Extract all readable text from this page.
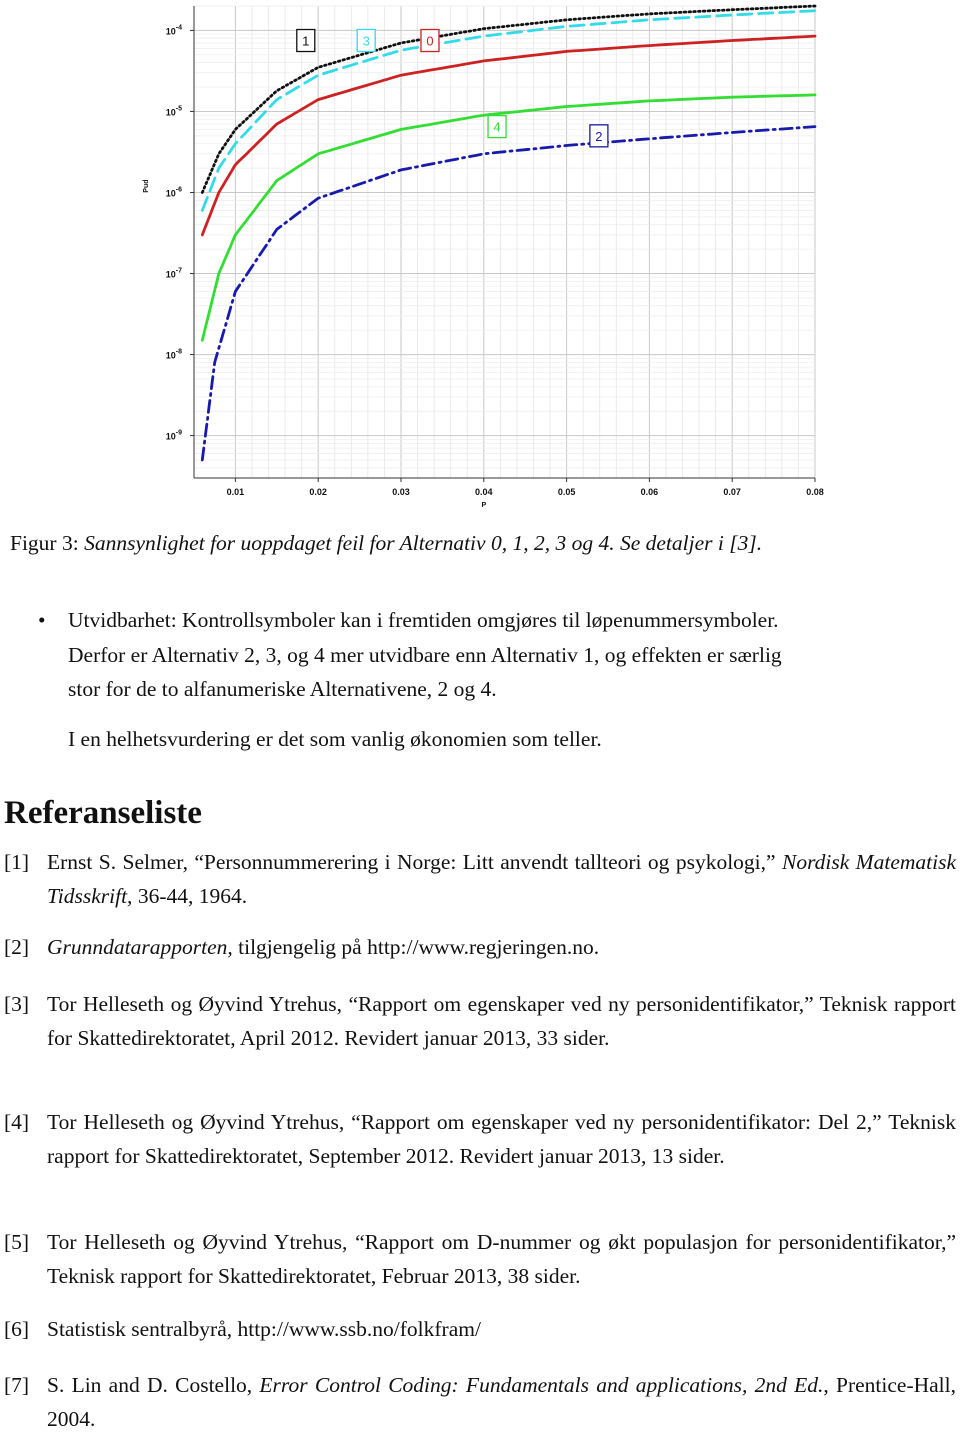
0.01	0.02	0.03	0.04	0.05	0.06	0.07	0.08
$10^{-4}$
$10^{-5}$
$10^{-6}$
$10^{-7}$
$10^{-8}$
$10^{-9}$
P
Pud
1	3	0
4
2
Figur 3: Sannsynlighet for uoppdaget feil for Alternativ 0, 1, 2, 3 og 4. Se detaljer i [3].
• Utvidbarhet: Kontrollsymboler kan i fremtiden omgjøres til løpenummersymboler.
Derfor er Alternativ 2, 3, og 4 mer utvidbare enn Alternativ 1, og effekten er særlig
stor for de to alfanumeriske Alternativene, 2 og 4.
I en helhetsvurdering er det som vanlig økonomien som teller.
Referanseliste
[1] Ernst S. Selmer, “Personnummerering i Norge: Litt anvendt tallteori og psykologi,” Nordisk Matematisk Tidsskrift, 36-44, 1964.
[2] Grunndatarapporten, tilgjengelig på http://www.regjeringen.no.
[3] Tor Helleseth og Øyvind Ytrehus, “Rapport om egenskaper ved ny personidentifikator,” Teknisk rapport for Skattedirektoratet, April 2012. Revidert januar 2013, 33 sider.
[4] Tor Helleseth og Øyvind Ytrehus, “Rapport om egenskaper ved ny personidentifikator: Del 2,” Teknisk rapport for Skattedirektoratet, September 2012. Revidert januar 2013, 13 sider.
[5] Tor Helleseth og Øyvind Ytrehus, “Rapport om D-nummer og økt populasjon for personidentifikator,” Teknisk rapport for Skattedirektoratet, Februar 2013, 38 sider.
[6] Statistisk sentralbyrå, http://www.ssb.no/folkfram/
[7] S. Lin and D. Costello, Error Control Coding: Fundamentals and applications, 2nd Ed., Prentice-Hall, 2004.
